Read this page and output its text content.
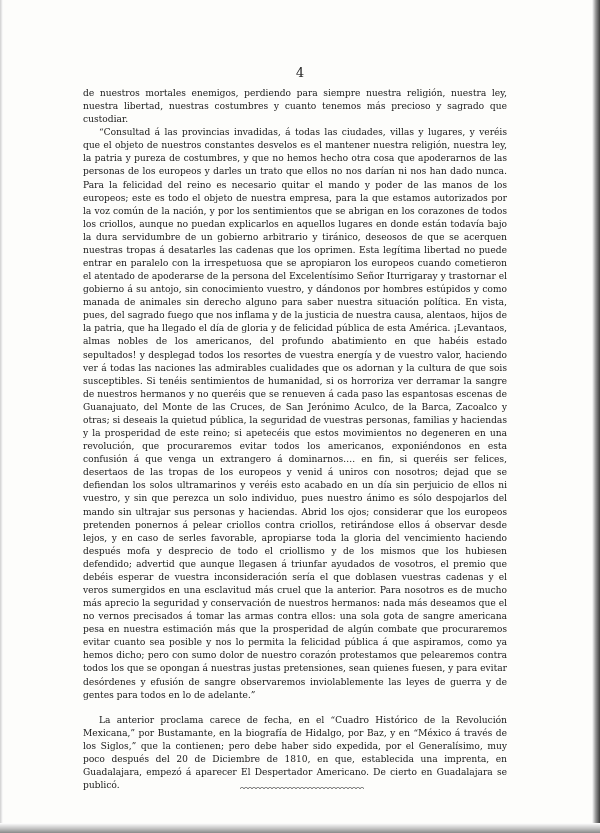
4

de nuestros mortales enemigos, perdiendo para siempre nuestra religión, nuestra ley, nuestra libertad, nuestras costumbres y cuanto tenemos más precioso y sagrado que custodiar.

“Consultad á las provincias invadidas, á todas las ciudades, villas y lugares, y veréis que el objeto de nuestros constantes desvelos es el mantener nuestra religión, nuestra ley, la patria y pureza de costumbres, y que no hemos hecho otra cosa que apoderarnos de las personas de los europeos y darles un trato que ellos no nos darían ni nos han dado nunca. Para la felicidad del reino es necesario quitar el mando y poder de las manos de los europeos; este es todo el objeto de nuestra empresa, para la que estamos autorizados por la voz común de la nación, y por los sentimientos que se abrigan en los corazones de todos los criollos, aunque no puedan explicarlos en aquellos lugares en donde están todavía bajo la dura servidumbre de un gobierno arbitrario y tiránico, deseosos de que se acerquen nuestras tropas á desatarles las cadenas que los oprimen. Esta legítima libertad no puede entrar en paralelo con la irrespetuosa que se apropiaron los europeos cuando cometieron el atentado de apoderarse de la persona del Excelentísimo Señor Iturrigaray y trastornar el gobierno á su antojo, sin conocimiento vuestro, y dándonos por hombres estúpidos y como manada de animales sin derecho alguno para saber nuestra situación política. En vista, pues, del sagrado fuego que nos inflama y de la justicia de nuestra causa, alentaos, hijos de la patria, que ha llegado el día de gloria y de felicidad pública de esta América. ¡Levantaos, almas nobles de los americanos, del profundo abatimiento en que habéis estado sepultados! y desplegad todos los resortes de vuestra energía y de vuestro valor, haciendo ver á todas las naciones las admirables cualidades que os adornan y la cultura de que sois susceptibles. Si tenéis sentimientos de humanidad, si os horroriza ver derramar la sangre de nuestros hermanos y no queréis que se renueven á cada paso las espantosas escenas de Guanajuato, del Monte de las Cruces, de San Jerónimo Aculco, de la Barca, Zacoalco y otras; si deseais la quietud pública, la seguridad de vuestras personas, familias y haciendas y la prosperidad de este reino; si apetecéis que estos movimientos no degeneren en una revolución, que procuraremos evitar todos los americanos, exponiéndonos en esta confusión á que venga un extrangero á dominarnos…. en fin, si queréis ser felices, desertaos de las tropas de los europeos y venid á uniros con nosotros; dejad que se defiendan los solos ultramarinos y veréis esto acabado en un día sin perjuicio de ellos ni vuestro, y sin que perezca un solo individuo, pues nuestro ánimo es sólo despojarlos del mando sin ultrajar sus personas y haciendas. Abrid los ojos; considerar que los europeos pretenden ponernos á pelear criollos contra criollos, retirándose ellos á observar desde lejos, y en caso de serles favorable, apropiarse toda la gloria del vencimiento haciendo después mofa y desprecio de todo el criollismo y de los mismos que los hubiesen defendido; advertid que aunque llegasen á triunfar ayudados de vosotros, el premio que debéis esperar de vuestra inconsideración sería el que doblasen vuestras cadenas y el veros sumergidos en una esclavitud más cruel que la anterior. Para nosotros es de mucho más aprecio la seguridad y conservación de nuestros hermanos: nada más deseamos que el no vernos precisados á tomar las armas contra ellos: una sola gota de sangre americana pesa en nuestra estimación más que la prosperidad de algún combate que procuraremos evitar cuanto sea posible y nos lo permita la felicidad pública á que aspiramos, como ya hemos dicho; pero con sumo dolor de nuestro corazón protestamos que pelearemos contra todos los que se opongan á nuestras justas pretensiones, sean quienes fuesen, y para evitar desórdenes y efusión de sangre observaremos inviolablemente las leyes de guerra y de gentes para todos en lo de adelante.”

La anterior proclama carece de fecha, en el “Cuadro Histórico de la Revolución Mexicana,” por Bustamante, en la biografía de Hidalgo, por Baz, y en “México á través de los Siglos,” que la contienen; pero debe haber sido expedida, por el Generalísimo, muy poco después del 20 de Diciembre de 1810, en que, establecida una imprenta, en Guadalajara, empezó á aparecer El Despertador Americano. De cierto en Guadalajara se publicó.
